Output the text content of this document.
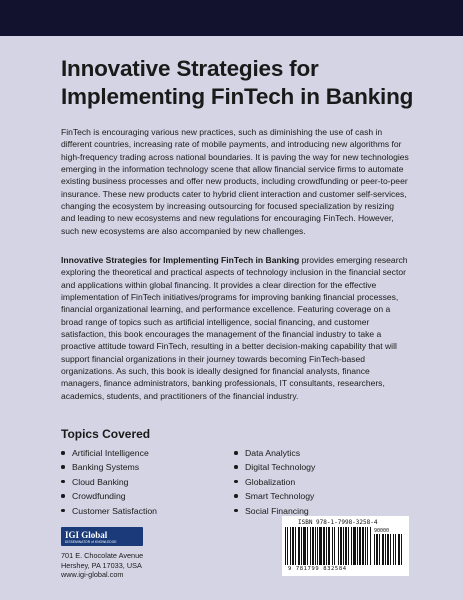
Innovative Strategies for
Implementing FinTech in Banking

FinTech is encouraging various new practices, such as diminishing the use of cash in different countries, increasing rate of mobile payments, and introducing new algorithms for high-frequency trading across national boundaries. It is paving the way for new technologies emerging in the information technology scene that allow financial service firms to automate existing business processes and offer new products, including crowdfunding or peer-to-peer insurance. These new products cater to hybrid client interaction and customer self-services, changing the ecosystem by increasing outsourcing for focused specialization by resizing and leading to new ecosystems and new regulations for encouraging FinTech. However, such new ecosystems are also accompanied by new challenges.

Innovative Strategies for Implementing FinTech in Banking provides emerging research exploring the theoretical and practical aspects of technology inclusion in the financial sector and applications within global financing. It provides a clear direction for the effective implementation of FinTech initiatives/programs for improving banking financial processes, financial organizational learning, and performance excellence. Featuring coverage on a broad range of topics such as artificial intelligence, social financing, and customer satisfaction, this book encourages the management of the financial industry to take a proactive attitude toward FinTech, resulting in a better decision-making capability that will support financial organizations in their journey towards becoming FinTech-based organizations. As such, this book is ideally designed for financial analysts, finance managers, finance administrators, banking professionals, IT consultants, researchers, academics, students, and practitioners of the financial industry.

Topics Covered
Artificial Intelligence
Banking Systems
Cloud Banking
Crowdfunding
Customer Satisfaction
Data Analytics
Digital Technology
Globalization
Smart Technology
Social Financing
IGI Global
DISSEMINATOR of KNOWLEDGE
701 E. Chocolate Avenue
Hershey, PA 17033, USA
www.igi-global.com
ISBN 978-1-7998-3258-4
90000
9 781799 832584
